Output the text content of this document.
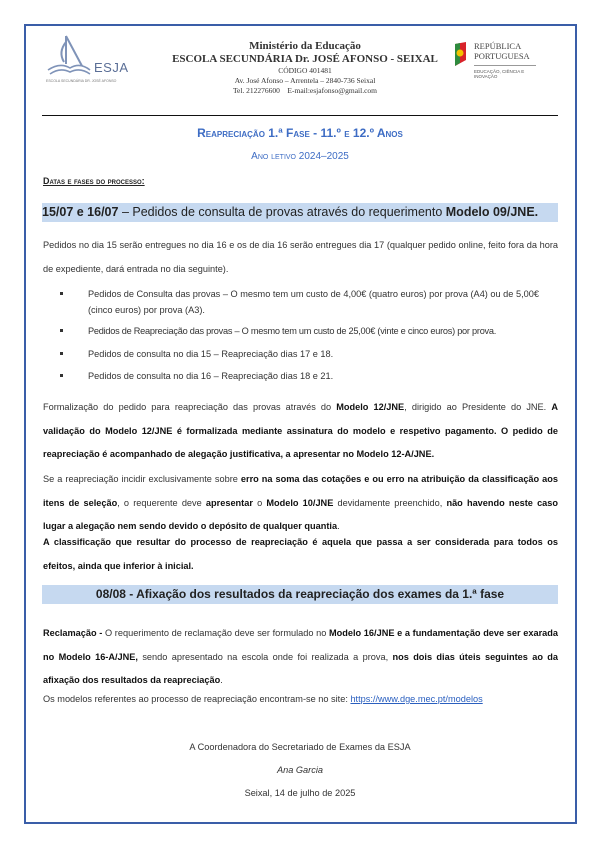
ESJA
ESCOLA SECUNDÁRIA DR. JOSÉ AFONSO
Ministério da Educação
ESCOLA SECUNDÁRIA Dr. JOSÉ AFONSO - SEIXAL
CÓDIGO 401481
Av. José Afonso – Arrentela – 2840-736 Seixal
Tel. 212276600    E-mail:esjafonso@gmail.com
REPÚBLICA
PORTUGUESA
EDUCAÇÃO, CIÊNCIA E INOVAÇÃO
Reapreciação 1.ª Fase - 11.º e 12.º Anos
Ano letivo 2024–2025
Datas e fases do processo:
15/07 e 16/07 – Pedidos de consulta de provas através do requerimento Modelo 09/JNE.
Pedidos no dia 15 serão entregues no dia 16 e os de dia 16 serão entregues dia 17 (qualquer pedido online, feito fora da hora de expediente, dará entrada no dia seguinte).
Pedidos de Consulta das provas – O mesmo tem um custo de 4,00€ (quatro euros) por prova (A4) ou de 5,00€ (cinco euros) por prova (A3).
Pedidos de Reapreciação das provas – O mesmo tem um custo de 25,00€ (vinte e cinco euros) por prova.
Pedidos de consulta no dia 15 – Reapreciação dias 17 e 18.
Pedidos de consulta no dia 16 – Reapreciação dias 18 e 21.
Formalização do pedido para reapreciação das provas através do Modelo 12/JNE, dirigido ao Presidente do JNE. A validação do Modelo 12/JNE é formalizada mediante assinatura do modelo e respetivo pagamento. O pedido de reapreciação é acompanhado de alegação justificativa, a apresentar no Modelo 12-A/JNE.
Se a reapreciação incidir exclusivamente sobre erro na soma das cotações e ou erro na atribuição da classificação aos itens de seleção, o requerente deve apresentar o Modelo 10/JNE devidamente preenchido, não havendo neste caso lugar a alegação nem sendo devido o depósito de qualquer quantia.
A classificação que resultar do processo de reapreciação é aquela que passa a ser considerada para todos os efeitos, ainda que inferior à inicial.
08/08 - Afixação dos resultados da reapreciação dos exames da 1.ª fase
Reclamação - O requerimento de reclamação deve ser formulado no Modelo 16/JNE e a fundamentação deve ser exarada no Modelo 16-A/JNE, sendo apresentado na escola onde foi realizada a prova, nos dois dias úteis seguintes ao da afixação dos resultados da reapreciação.
Os modelos referentes ao processo de reapreciação encontram-se no site: https://www.dge.mec.pt/modelos
A Coordenadora do Secretariado de Exames da ESJA
Ana Garcia
Seixal, 14 de julho de 2025
